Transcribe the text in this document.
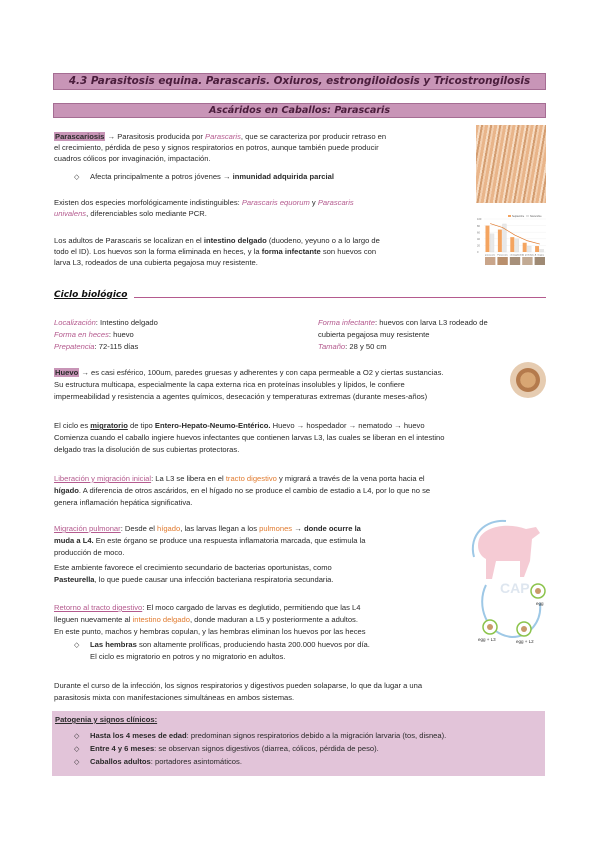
4.3 Parasitosis equina. Parascaris. Oxiuros, estrongiloidosis y Tricostrongilosis
Ascáridos en Caballos: Parascaris
Parascariosis → Parasitosis producida por Parascaris, que se caracteriza por producir retraso en
el crecimiento, pérdida de peso y signos respiratorios en potros, aunque también puede producir
cuadros cólicos por invaginación, impactación.
◇ Afecta principalmente a potros jóvenes → inmunidad adquirida parcial
Existen dos especies morfológicamente indistinguibles: Parascaris equorum y Parascaris
univalens, diferenciables solo mediante PCR.
Los adultos de Parascaris se localizan en el intestino delgado (duodeno, yeyuno o a lo largo de
todo el ID). Los huevos son la forma eliminada en heces, y la forma infectante son huevos con
larva L3, rodeados de una cubierta pegajosa muy resistente.
100
80
60
40
20
0
Septiembre Noviembre
parascaris	Parascaris strongyloides A. perfoliata A. magna
Ciclo biológico
Localización: Intestino delgado
Forma en heces: huevo
Prepatencia: 72-115 días
Forma infectante: huevos con larva L3 rodeado de
cubierta pegajosa muy resistente
Tamaño: 28 y 50 cm
Huevo → es casi esférico, 100um, paredes gruesas y adherentes y con capa permeable a O2 y ciertas sustancias.
Su estructura multicapa, especialmente la capa externa rica en proteínas insolubles y lípidos, le confiere
impermeabilidad y resistencia a agentes químicos, desecación y temperaturas extremas (durante meses-años)
El ciclo es migratorio de tipo Entero-Hepato-Neumo-Entérico. Huevo → hospedador → nematodo → huevo
Comienza cuando el caballo ingiere huevos infectantes que contienen larvas L3, las cuales se liberan en el intestino
delgado tras la disolución de sus cubiertas protectoras.
Liberación y migración inicial: La L3 se libera en el tracto digestivo y migrará a través de la vena porta hacia el
hígado. A diferencia de otros ascáridos, en el hígado no se produce el cambio de estadio a L4, por lo que no se
genera inflamación hepática significativa.
Migración pulmonar: Desde el hígado, las larvas llegan a los pulmones → donde ocurre la
muda a L4. En este órgano se produce una respuesta inflamatoria marcada, que estimula la
producción de moco.
Este ambiente favorece el crecimiento secundario de bacterias oportunistas, como
Pasteurella, lo que puede causar una infección bacteriana respiratoria secundaria.
Retorno al tracto digestivo: El moco cargado de larvas es deglutido, permitiendo que las L4
lleguen nuevamente al intestino delgado, donde maduran a L5 y posteriormente a adultos.
En este punto, machos y hembras copulan, y las hembras eliminan los huevos por las heces
◇ Las hembras son altamente prolíficas, produciendo hasta 200.000 huevos por día.
El ciclo es migratorio en potros y no migratorio en adultos.
egg
egg + L3	egg + L2
CAP
Durante el curso de la infección, los signos respiratorios y digestivos pueden solaparse, lo que da lugar a una
parasitosis mixta con manifestaciones simultáneas en ambos sistemas.
Patogenia y signos clínicos:
◇ Hasta los 4 meses de edad: predominan signos respiratorios debido a la migración larvaria (tos, disnea).
◇ Entre 4 y 6 meses: se observan signos digestivos (diarrea, cólicos, pérdida de peso).
◇ Caballos adultos: portadores asintomáticos.
